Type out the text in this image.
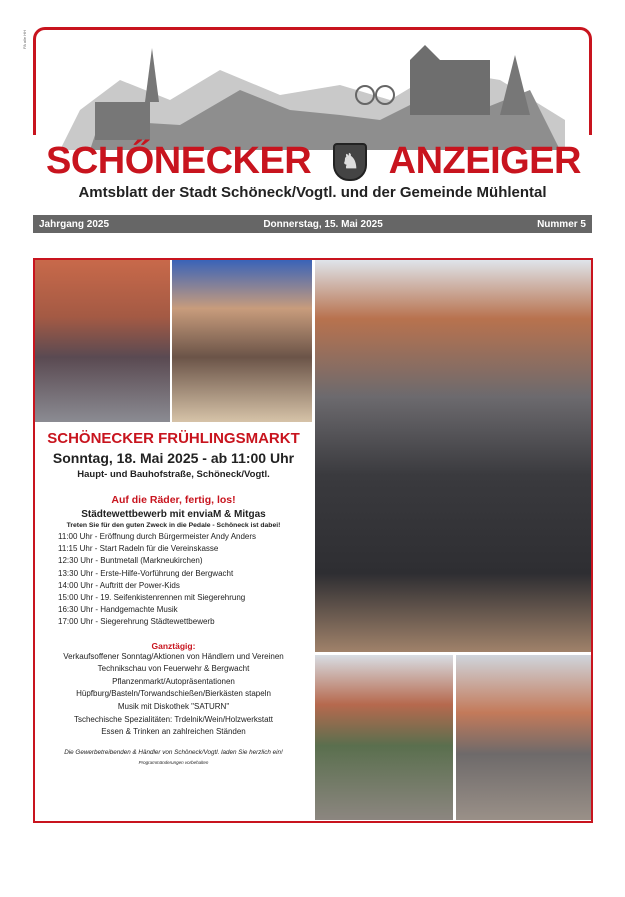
PA alle HH
SCHŐNECKER	♞ ANZEIGER
Amtsblatt der Stadt Schöneck/Vogtl. und der Gemeinde Mühlental
Jahrgang 2025	Donnerstag, 15. Mai 2025	Nummer 5
SCHÖNECKER FRÜHLINGSMARKT
Sonntag, 18. Mai 2025 - ab 11:00 Uhr
Haupt- und Bauhofstraße, Schöneck/Vogtl.
Auf die Räder, fertig, los!
Städtewettbewerb mit enviaM & Mitgas
Treten Sie für den guten Zweck in die Pedale - Schöneck ist dabei!
11:00 Uhr - Eröffnung durch Bürgermeister Andy Anders
11:15 Uhr - Start Radeln für die Vereinskasse
12:30 Uhr - Buntmetall (Markneukirchen)
13:30 Uhr - Erste-Hilfe-Vorführung der Bergwacht
14:00 Uhr - Auftritt der Power-Kids
15:00 Uhr - 19. Seifenkistenrennen mit Siegerehrung
16:30 Uhr - Handgemachte Musik
17:00 Uhr - Siegerehrung Städtewettbewerb
Ganztägig:
Verkaufsoffener Sonntag/Aktionen von Händlern und Vereinen
Technikschau von Feuerwehr & Bergwacht
Pflanzenmarkt/Autopräsentationen
Hüpfburg/Basteln/Torwandschießen/Bierkästen stapeln
Musik mit Diskothek "SATURN"
Tschechische Spezialitäten: Trdelnik/Wein/Holzwerkstatt
Essen & Trinken an zahlreichen Ständen
Die Gewerbetreibenden & Händler von Schöneck/Vogtl. laden Sie herzlich ein!
Programmänderungen vorbehalten
